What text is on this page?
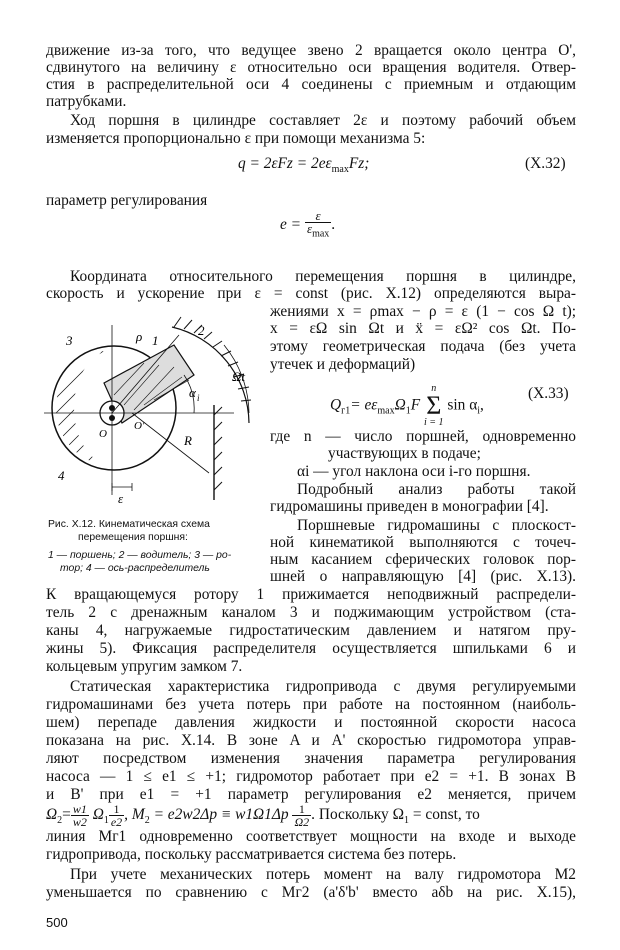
движение из-за того, что ведущее звено 2 вращается около центра O',
сдвинутого на величину ε относительно оси вращения водителя. Отвер-
стия в распределительной оси 4 соединены с приемным и отдающим
патрубками.
Ход поршня в цилиндре составляет 2ε и поэтому рабочий объем
изменяется пропорционально ε при помощи механизма 5:
$q = 2\varepsilon Fz = 2e\varepsilon_{max}Fz$;	(X.32)
параметр регулирования
$e = \frac{\varepsilon}{\varepsilon_{max}}$ .
Координата относительного перемещения поршня в цилиндре,
скорость и ускорение при ε = const (рис. X.12) определяются выра-
жениями x = ρmax − ρ = ε (1 − cos Ω t);
x = εΩ sin Ωt и ẍ = εΩ² cos Ωt. По-
этому геометрическая подача (без учета
утечек и деформаций)
$Q_{г1}= e\varepsilon_{max}\Omega_1F$
n
Σ
i = 1
$\sin \alpha_i$,
(X.33)
где n — число поршней, одновременно
участвующих в подаче;
αi — угол наклона оси i-го поршня.
Подробный анализ работы такой
гидромашины приведен в монографии [4].
Поршневые гидромашины с плоскост-
ной кинематикой выполняются с точеч-
ным касанием сферических головок пор-
шней о направляющую [4] (рис. X.13).
3	ρ 1
2
Ωt
α i
O
O'
R
4
ε
Рис. X.12. Кинематическая схема
перемещения поршня:
1 — поршень; 2 — водитель; 3 — ро-
тор; 4 — ось-распределитель
К вращающемуся ротору 1 прижимается неподвижный распредели-
тель 2 с дренажным каналом 3 и поджимающим устройством (ста-
каны 4, нагружаемые гидростатическим давлением и натягом пру-
жины 5). Фиксация распределителя осуществляется шпильками 6 и
кольцевым упругим замком 7.
Статическая характеристика гидропривода с двумя регулируемыми
гидромашинами без учета потерь при работе на постоянном (наиболь-
шем) перепаде давления жидкости и постоянной скорости насоса
показана на рис. X.14. В зоне A и A' скоростью гидромотора управ-
ляют посредством изменения значения параметра регулирования
насоса — 1 ≤ e1 ≤ +1; гидромотор работает при e2 = +1. В зонах B
и B' при e1 = +1 параметр регулирования e2 меняется, причем
$\Omega_2= \frac{w1}{w2} \Omega_1 \frac{1}{e2}$ , $M_2 = e2w2\Delta p \equiv w1\Omega 1\Delta p \frac{1}{\Omega 2}$ . Поскольку $\Omega_1$ = const, то
линия Mг1 одновременно соответствует мощности на входе и выходе
гидропривода, поскольку рассматривается система без потерь.
При учете механических потерь момент на валу гидромотора M2
уменьшается по сравнению с Mг2 (a'δ'b' вместо aδb на рис. X.15),
500
